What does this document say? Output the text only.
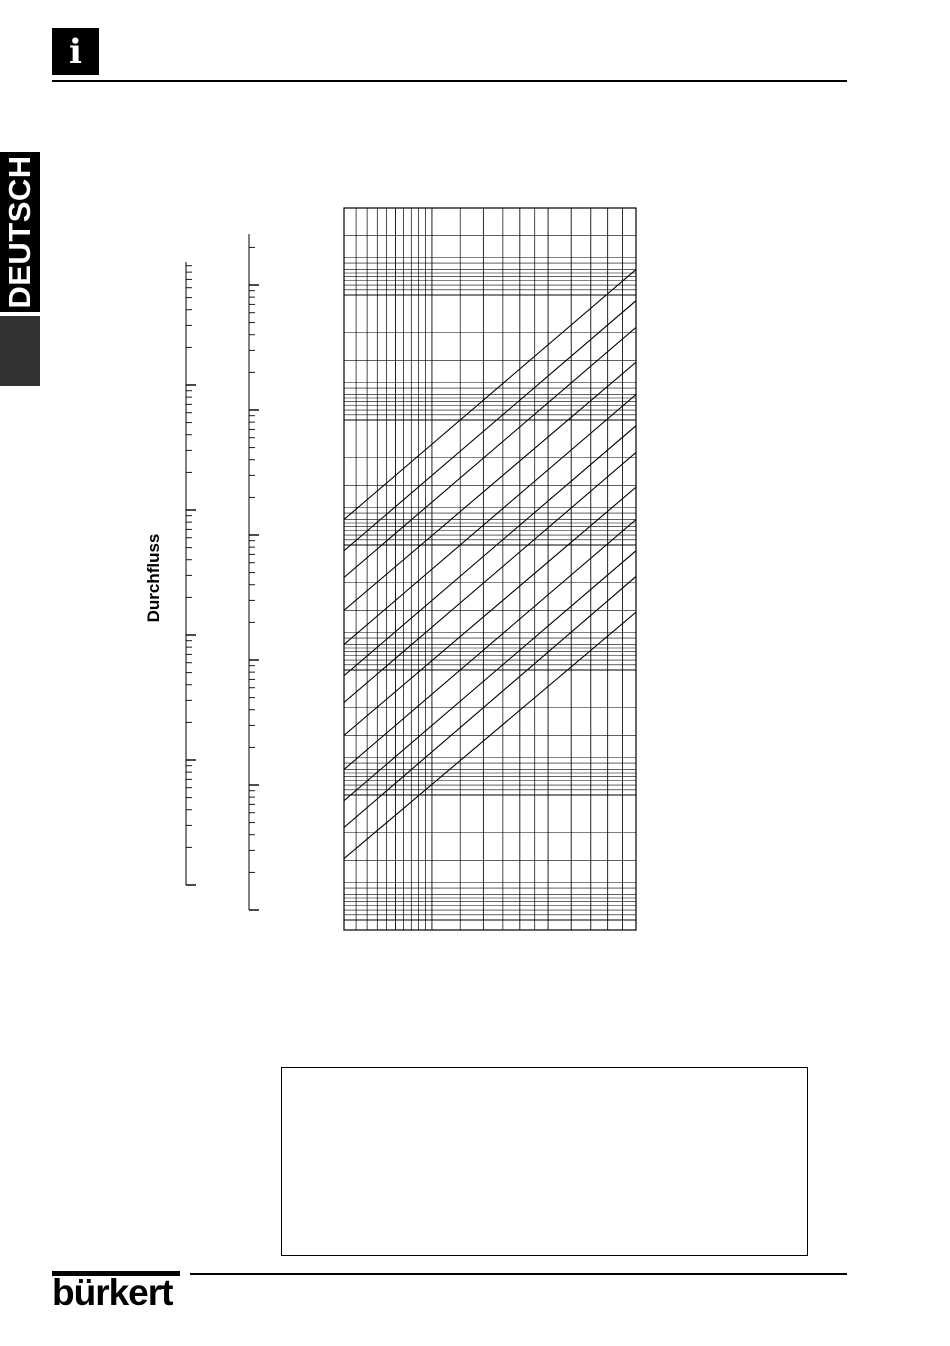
i
DEUTSCH
Durchfluss
bürkert
